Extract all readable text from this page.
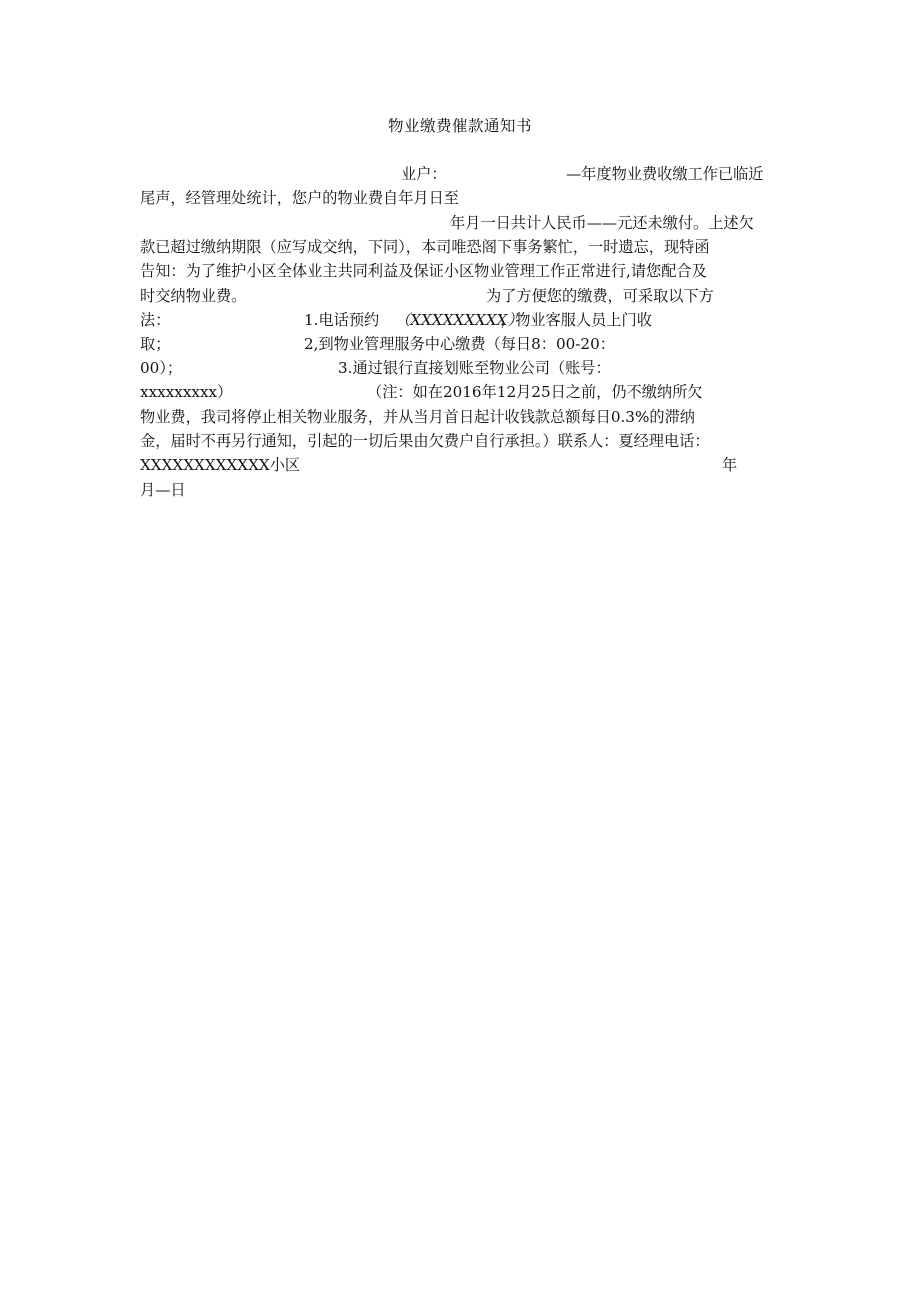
物业缴费催款通知书
业户：	—年度物业费收缴工作已临近
尾声，经管理处统计，您户的物业费自年月日至
年月一日共计人民币——元还未缴付。上述欠
款已超过缴纳期限（应写成交纳，下同），本司唯恐阁下事务繁忙，一时遗忘，现特函
告知：为了维护小区全体业主共同利益及保证小区物业管理工作正常进行,请您配合及
时交纳物业费。	为了方便您的缴费，可采取以下方
法：	1.电话预约 （XXXXXXXXX）
，物业客服人员上门收
取；	2,到物业管理服务中心缴费（每日8：00-20：
00）；	3.通过银行直接划账至物业公司（账号：
xxxxxxxxx）	（注：如在2016年12月25日之前，仍不缴纳所欠
物业费，我司将停止相关物业服务，并从当月首日起计收钱款总额每日0.3%的滞纳
金，届时不再另行通知，引起的一切后果由欠费户自行承担。）联系人：夏经理电话：
XXXXXXXXXXXX小区	年
月—日
